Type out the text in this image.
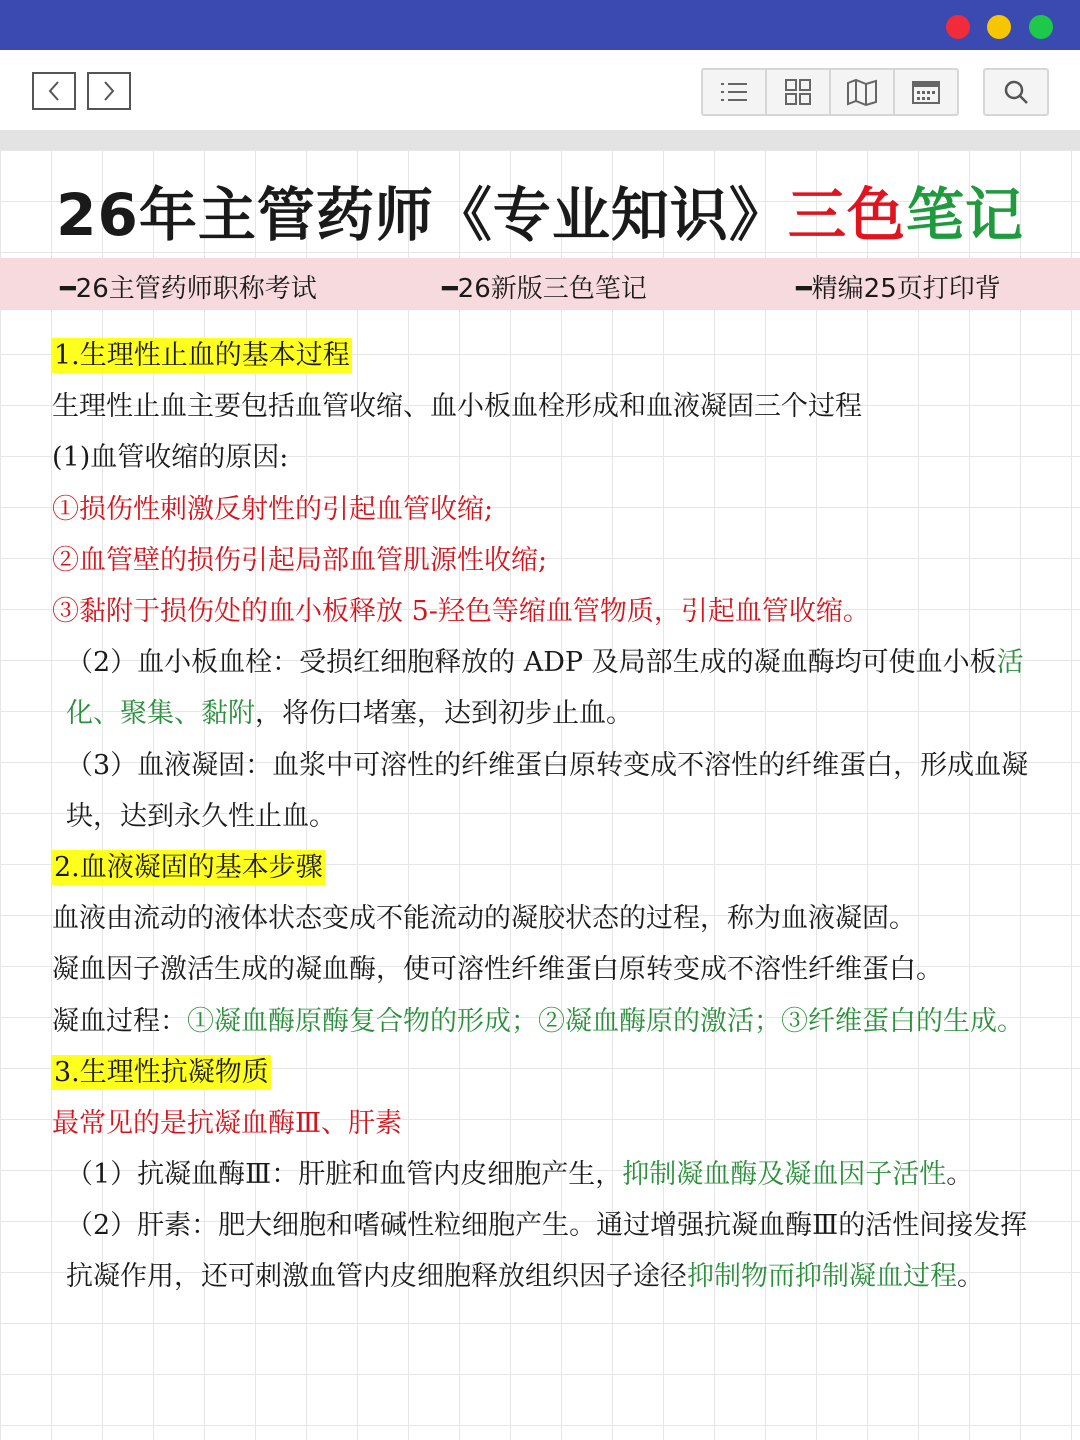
26年主管药师《专业知识》三色笔记
━26主管药师职称考试	━26新版三色笔记	━精编25页打印背
1.生理性止血的基本过程
生理性止血主要包括血管收缩、血小板血栓形成和血液凝固三个过程
(1)血管收缩的原因:
①损伤性刺激反射性的引起血管收缩;
②血管壁的损伤引起局部血管肌源性收缩;
③黏附于损伤处的血小板释放 5-羟色等缩血管物质，引起血管收缩。
（2）血小板血栓：受损红细胞释放的 ADP 及局部生成的凝血酶均可使血小板活化、聚集、黏附，将伤口堵塞，达到初步止血。
（3）血液凝固：血浆中可溶性的纤维蛋白原转变成不溶性的纤维蛋白，形成血凝块，达到永久性止血。
2.血液凝固的基本步骤
血液由流动的液体状态变成不能流动的凝胶状态的过程，称为血液凝固。
凝血因子激活生成的凝血酶，使可溶性纤维蛋白原转变成不溶性纤维蛋白。
凝血过程：①凝血酶原酶复合物的形成；②凝血酶原的激活；③纤维蛋白的生成。
3.生理性抗凝物质
最常见的是抗凝血酶Ⅲ、肝素
（1）抗凝血酶Ⅲ：肝脏和血管内皮细胞产生，抑制凝血酶及凝血因子活性。
（2）肝素：肥大细胞和嗜碱性粒细胞产生。通过增强抗凝血酶Ⅲ的活性间接发挥抗凝作用，还可刺激血管内皮细胞释放组织因子途径抑制物而抑制凝血过程。
